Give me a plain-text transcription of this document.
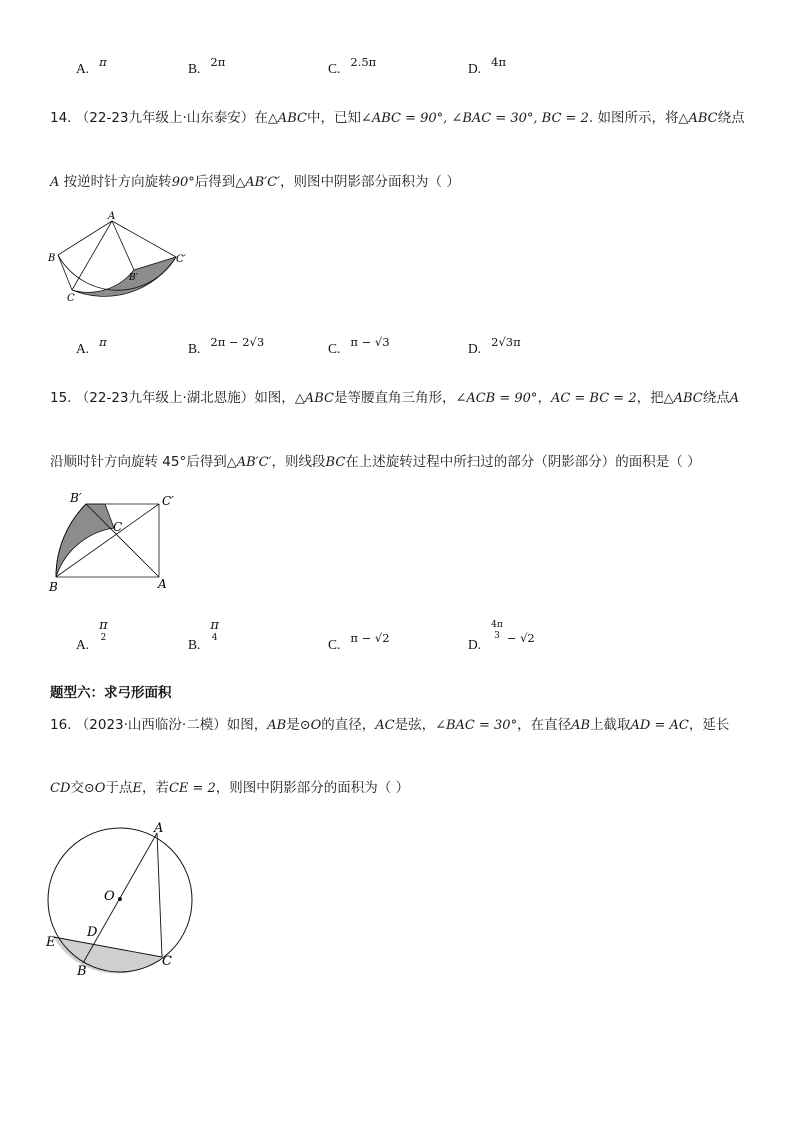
A. $^\pi$	B. $^{2\pi}$	C. $^{2.5\pi}$	D. $^{4\pi}$
14. （22-23九年级上·山东泰安）在△ABC中，已知∠ABC = 90°, ∠BAC = 30°, BC = 2. 如图所示，将△ABC绕点
A 按逆时针方向旋转90°后得到△AB′C′，则图中阴影部分面积为（ ）
A
B
C
B′
C′
A. $^\pi$	B. $^{2\pi - 2√3}$	C. $^{\pi - √3}$	D. $^{2√3\pi}$
15. （22-23九年级上·湖北恩施）如图，△ABC是等腰直角三角形，∠ACB = 90°，AC = BC = 2，把△ABC绕点A
沿顺时针方向旋转 45°后得到△AB′C′，则线段BC在上述旋转过程中所扫过的部分（阴影部分）的面积是（ ）
B′	C′
C
B	A
A.π
2	B.π
4	C. $^{\pi - √2}$	D.4π
3 $^{- √2}$
题型六：求弓形面积
16. （2023·山西临汾·二模）如图，AB是⊙O的直径，AC是弦，∠BAC = 30°，在直径AB上截取AD = AC，延长
CD交⊙O于点E，若CE = 2，则图中阴影部分的面积为（ ）
A
O
D
E
B
C
